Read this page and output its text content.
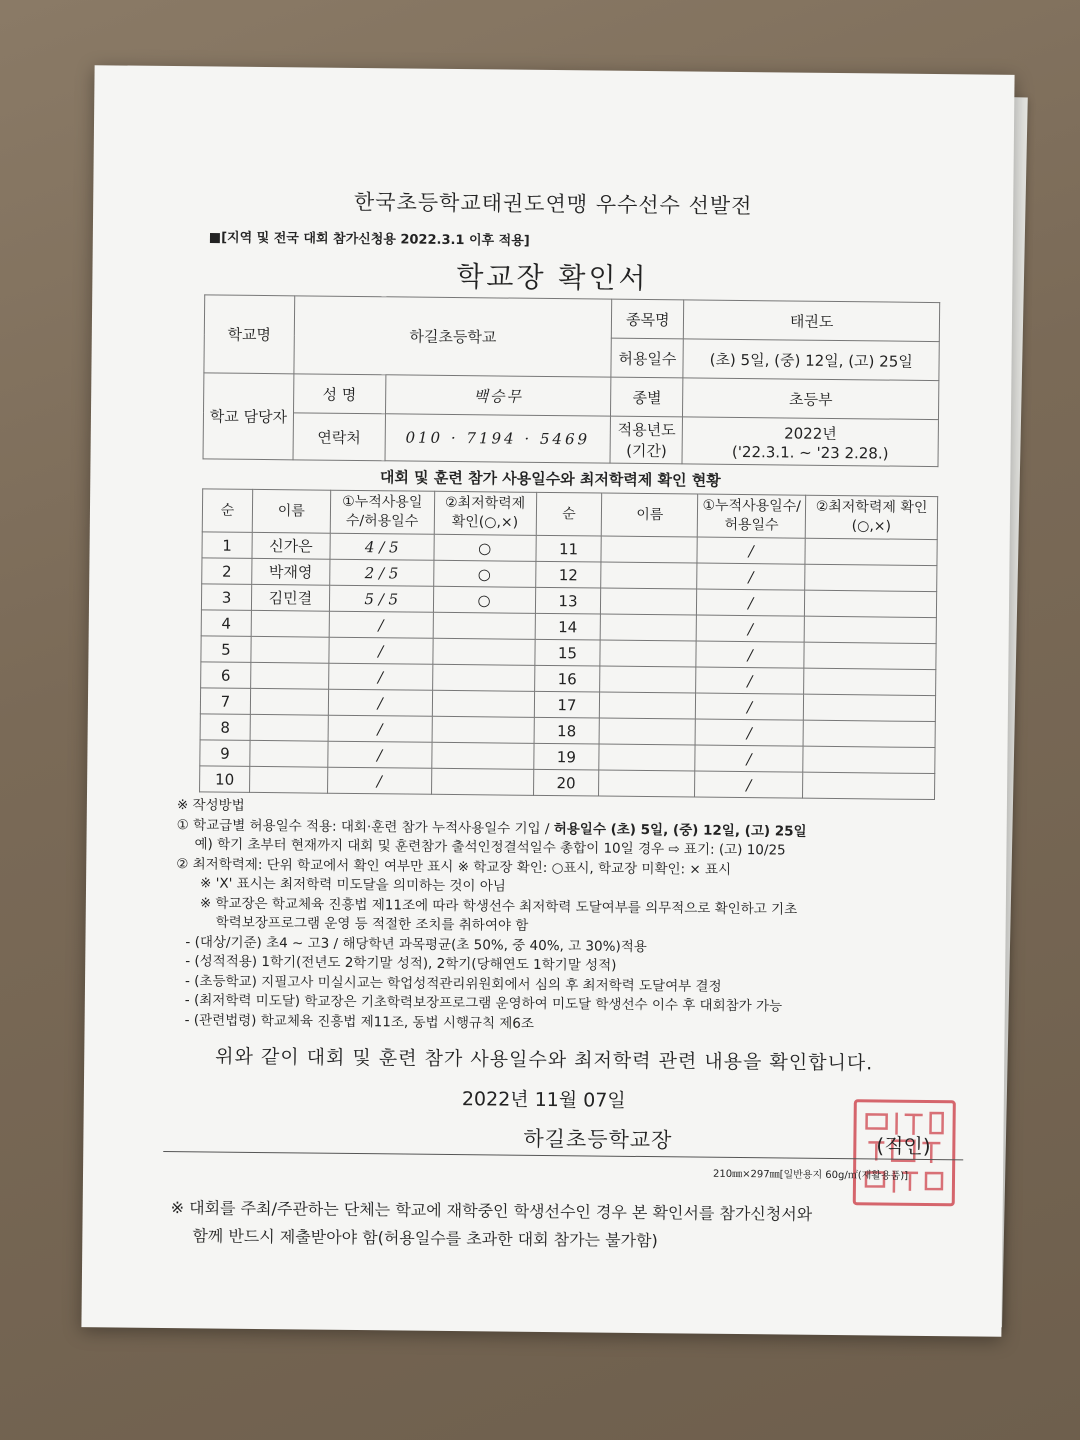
한국초등학교태권도연맹 우수선수 선발전
■[지역 및 전국 대회 참가신청용 2022.3.1 이후 적용]
학교장 확인서
학교명	하길초등학교		종목명	태권도
			허용일수	(초) 5일, (중) 12일, (고) 25일
학교 담당자	성 명	백승무	종별	초등부
	연락처	010 · 7194 · 5469	적용년도 (기간)	2022년
('22.3.1. ~ '23 2.28.)
대회 및 훈련 참가 사용일수와 최저학력제 확인 현황
순	이름	①누적사용일수/허용일수	②최저학력제 확인(○,×)	순	이름	①누적사용일수/허용일수	②최저학력제 확인(○,×)
1	신가은	4 / 5	○	11		/	
2	박재영	2 / 5	○	12		/	
3	김민결	5 / 5	○	13		/	
4		/		14		/	
5		/		15		/	
6		/		16		/	
7		/		17		/	
8		/		18		/	
9		/		19		/	
10		/		20		/	
※ 작성방법
① 학교급별 허용일수 적용: 대회·훈련 참가 누적사용일수 기입 / 허용일수 (초) 5일, (중) 12일, (고) 25일
예) 학기 초부터 현재까지 대회 및 훈련참가 출석인정결석일수 총합이 10일 경우 ⇨ 표기: (고) 10/25
② 최저학력제: 단위 학교에서 확인 여부만 표시 ※ 학교장 확인: ○표시, 학교장 미확인: × 표시
※ 'X' 표시는 최저학력 미도달을 의미하는 것이 아님
※ 학교장은 학교체육 진흥법 제11조에 따라 학생선수 최저학력 도달여부를 의무적으로 확인하고 기초
학력보장프로그램 운영 등 적절한 조치를 취하여야 함
- (대상/기준) 초4 ~ 고3 / 해당학년 과목평균(초 50%, 중 40%, 고 30%)적용
- (성적적용) 1학기(전년도 2학기말 성적), 2학기(당해연도 1학기말 성적)
- (초등학교) 지필고사 미실시교는 학업성적관리위원회에서 심의 후 최저학력 도달여부 결정
- (최저학력 미도달) 학교장은 기초학력보장프로그램 운영하여 미도달 학생선수 이수 후 대회참가 가능
- (관련법령) 학교체육 진흥법 제11조, 동법 시행규칙 제6조
위와 같이 대회 및 훈련 참가 사용일수와 최저학력 관련 내용을 확인합니다.
2022년 11월 07일
하길초등학교장	(직인)
210㎜×297㎜[일반용지 60g/㎡(재활용품)]
※ 대회를 주최/주관하는 단체는 학교에 재학중인 학생선수인 경우 본 확인서를 참가신청서와
함께 반드시 제출받아야 함(허용일수를 초과한 대회 참가는 불가함)
